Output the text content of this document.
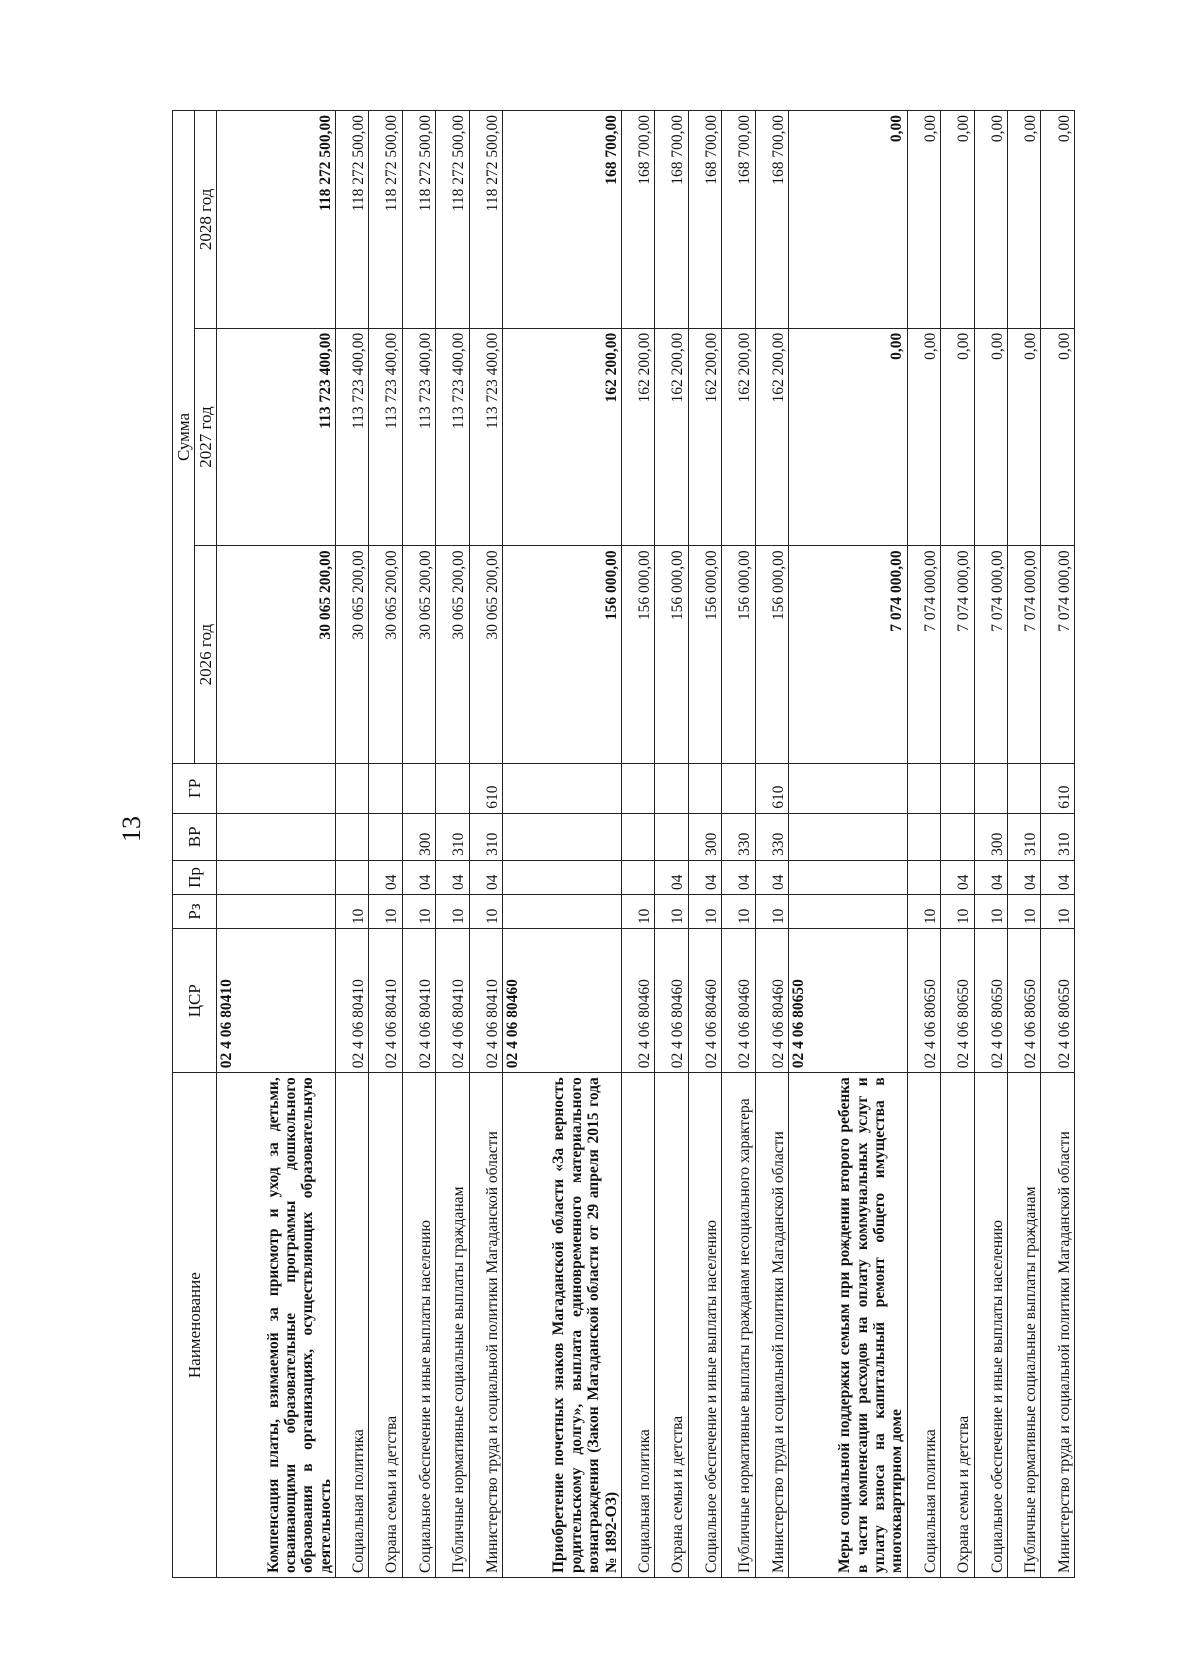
13
Наименование	ЦСР	Рз	Пр	ВР	ГР	Сумма		
						2026 год	2027 год	2028 год
Компенсация платы, взимаемой за присмотр и уход за детьми, осваивающими образовательные программы дошкольного образования в организациях, осуществляющих образовательную деятельность	02 4 06 80410					30 065 200,00	113 723 400,00	118 272 500,00
Социальная политика	02 4 06 80410	10				30 065 200,00	113 723 400,00	118 272 500,00
Охрана семьи и детства	02 4 06 80410	10	04			30 065 200,00	113 723 400,00	118 272 500,00
Социальное обеспечение и иные выплаты населению	02 4 06 80410	10	04	300		30 065 200,00	113 723 400,00	118 272 500,00
Публичные нормативные социальные выплаты гражданам	02 4 06 80410	10	04	310		30 065 200,00	113 723 400,00	118 272 500,00
Министерство труда и социальной политики Магаданской области	02 4 06 80410	10	04	310	610	30 065 200,00	113 723 400,00	118 272 500,00
Приобретение почетных знаков Магаданской области «За верность родительскому долгу», выплата единовременного материального вознаграждения (Закон Магаданской области от 29 апреля 2015 года № 1892-ОЗ)	02 4 06 80460					156 000,00	162 200,00	168 700,00
Социальная политика	02 4 06 80460	10				156 000,00	162 200,00	168 700,00
Охрана семьи и детства	02 4 06 80460	10	04			156 000,00	162 200,00	168 700,00
Социальное обеспечение и иные выплаты населению	02 4 06 80460	10	04	300		156 000,00	162 200,00	168 700,00
Публичные нормативные выплаты гражданам несоциального характера	02 4 06 80460	10	04	330		156 000,00	162 200,00	168 700,00
Министерство труда и социальной политики Магаданской области	02 4 06 80460	10	04	330	610	156 000,00	162 200,00	168 700,00
Меры социальной поддержки семьям при рождении второго ребенка в части компенсации расходов на оплату коммунальных услуг и уплату взноса на капитальный ремонт общего имущества в многоквартирном доме	02 4 06 80650					7 074 000,00	0,00	0,00
Социальная политика	02 4 06 80650	10				7 074 000,00	0,00	0,00
Охрана семьи и детства	02 4 06 80650	10	04			7 074 000,00	0,00	0,00
Социальное обеспечение и иные выплаты населению	02 4 06 80650	10	04	300		7 074 000,00	0,00	0,00
Публичные нормативные социальные выплаты гражданам	02 4 06 80650	10	04	310		7 074 000,00	0,00	0,00
Министерство труда и социальной политики Магаданской области	02 4 06 80650	10	04	310	610	7 074 000,00	0,00	0,00
